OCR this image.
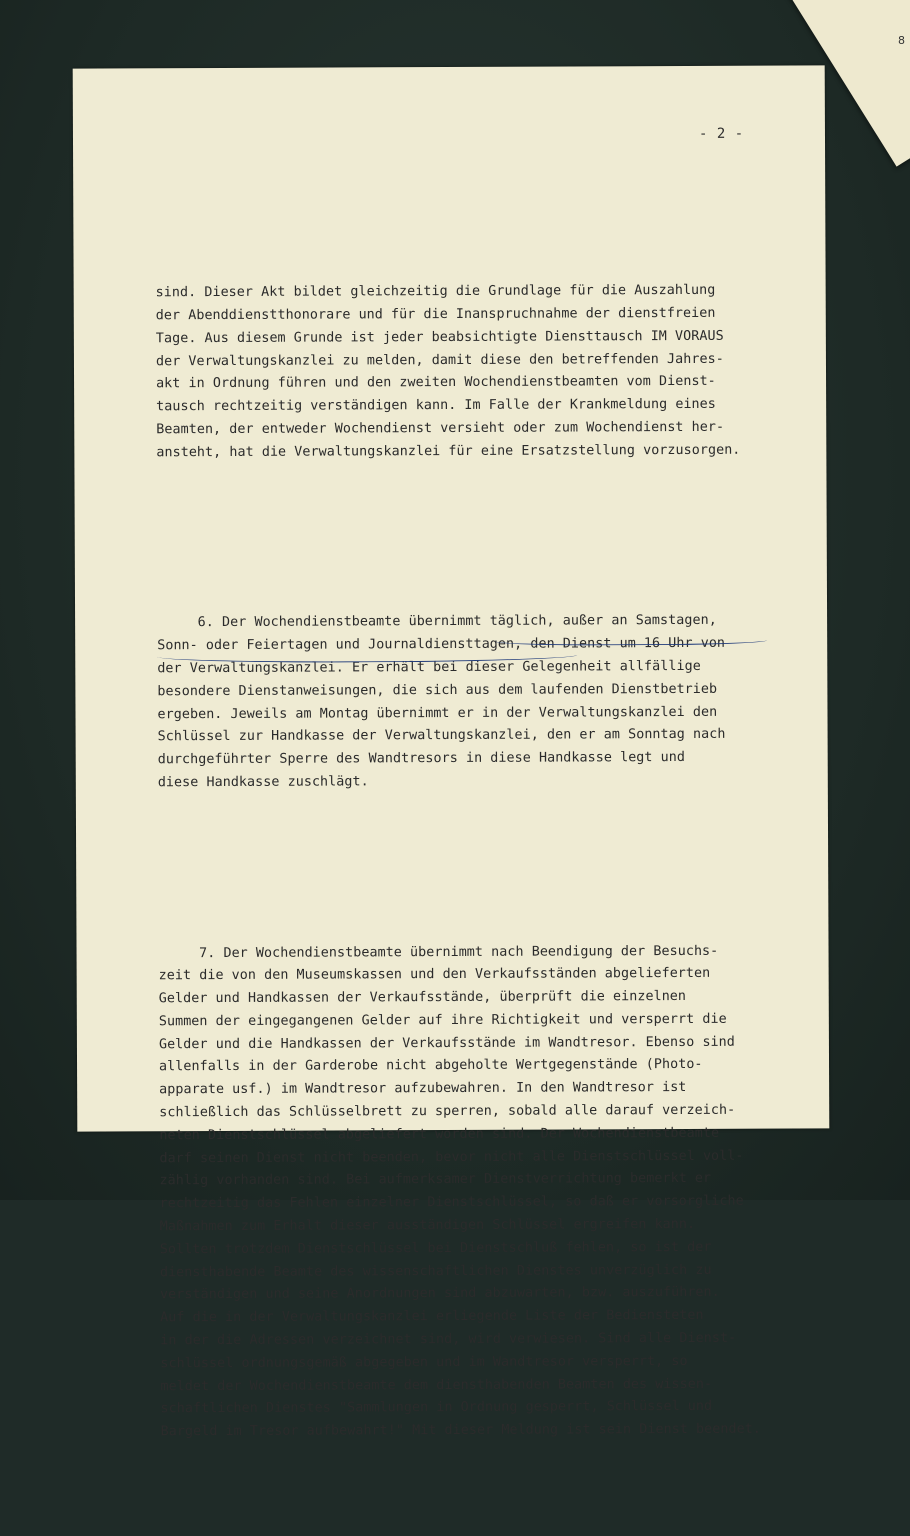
8
- 2 -

sind. Dieser Akt bildet gleichzeitig die Grundlage für die Auszahlung
der Abenddienstthonorare und für die Inanspruchnahme der dienstfreien
Tage. Aus diesem Grunde ist jeder beabsichtigte Diensttausch IM VORAUS
der Verwaltungskanzlei zu melden, damit diese den betreffenden Jahres-
akt in Ordnung führen und den zweiten Wochendienstbeamten vom Dienst-
tausch rechtzeitig verständigen kann. Im Falle der Krankmeldung eines
Beamten, der entweder Wochendienst versieht oder zum Wochendienst her-
ansteht, hat die Verwaltungskanzlei für eine Ersatzstellung vorzusorgen.

6. Der Wochendienstbeamte übernimmt täglich, außer an Samstagen,
Sonn- oder Feiertagen und Journaldiensttagen, den Dienst um 16 Uhr von
der Verwaltungskanzlei. Er erhält bei dieser Gelegenheit allfällige
besondere Dienstanweisungen, die sich aus dem laufenden Dienstbetrieb
ergeben. Jeweils am Montag übernimmt er in der Verwaltungskanzlei den
Schlüssel zur Handkasse der Verwaltungskanzlei, den er am Sonntag nach
durchgeführter Sperre des Wandtresors in diese Handkasse legt und
diese Handkasse zuschlägt.

7. Der Wochendienstbeamte übernimmt nach Beendigung der Besuchs-
zeit die von den Museumskassen und den Verkaufsständen abgelieferten
Gelder und Handkassen der Verkaufsstände, überprüft die einzelnen
Summen der eingegangenen Gelder auf ihre Richtigkeit und versperrt die
Gelder und die Handkassen der Verkaufsstände im Wandtresor. Ebenso sind
allenfalls in der Garderobe nicht abgeholte Wertgegenstände (Photo-
apparate usf.) im Wandtresor aufzubewahren. In den Wandtresor ist
schließlich das Schlüsselbrett zu sperren, sobald alle darauf verzeich-
neten Dienstschlüssel abgeliefert worden sind. Der Wochendienstbeamte
darf seinen Dienst nicht beenden, bevor nicht alle Dienstschlüssel voll-
zählig vorhanden sind. Bei aufmerksamer Dienstverrichtung bemerkt er
rechtzeitig das Fehlen einzelner Dienstschlüssel, so daß er vorsorgliche
Maßnahmen zum Erhalt dieser ausständigen Schlüssel ergreifen kann.
Sollten trotzdem Dienstschlüssel bei Dienstschluß fehlen, so ist der
diensthabende Beamte des wissenschaftlichen Dienstes unverzüglich zu
verständigen und seine Anordnungen sind abzuwarten, bzw. auszuführen.
Auf die in der Verwaltungskanzlei erliegende Liste der Bediensteten
in der die Adressen verzeichnet sind, wird verwiesen. Sind alle Dienst-
schlüssel ordnungsgemäß abgegeben und im Wandtresor versperrt, so
meldet der Wochendienstbeamte dem diensthabenden Beamten des wissen-
schaftlichen Dienstes "Sammlungen in Ordnung gesperrt, Schlüssel und
Bargeld im Tresor aufbewahrt!" Mit dieser Meldung ist sein Dienst beendet.
